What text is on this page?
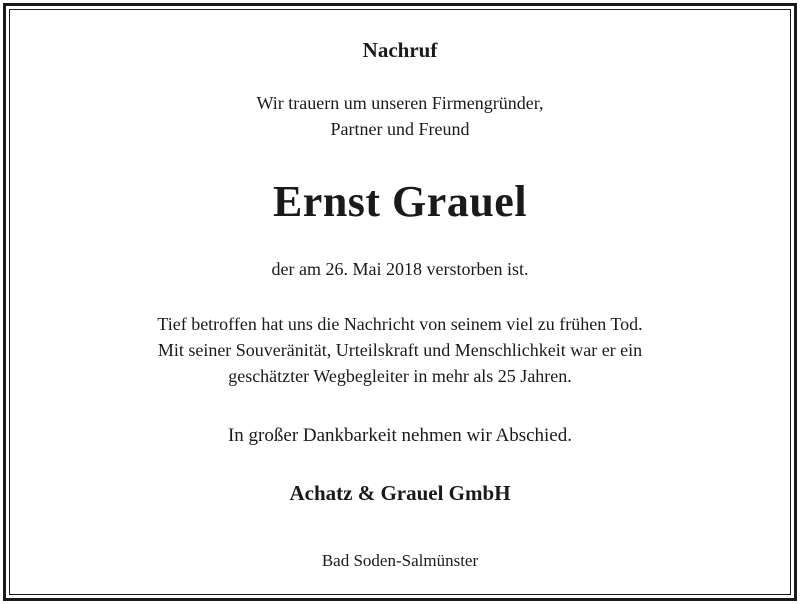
Nachruf
Wir trauern um unseren Firmengründer,
Partner und Freund
Ernst Grauel
der am 26. Mai 2018 verstorben ist.
Tief betroffen hat uns die Nachricht von seinem viel zu frühen Tod.
Mit seiner Souveränität, Urteilskraft und Menschlichkeit war er ein
geschätzter Wegbegleiter in mehr als 25 Jahren.
In großer Dankbarkeit nehmen wir Abschied.
Achatz & Grauel GmbH
Bad Soden-Salmünster
